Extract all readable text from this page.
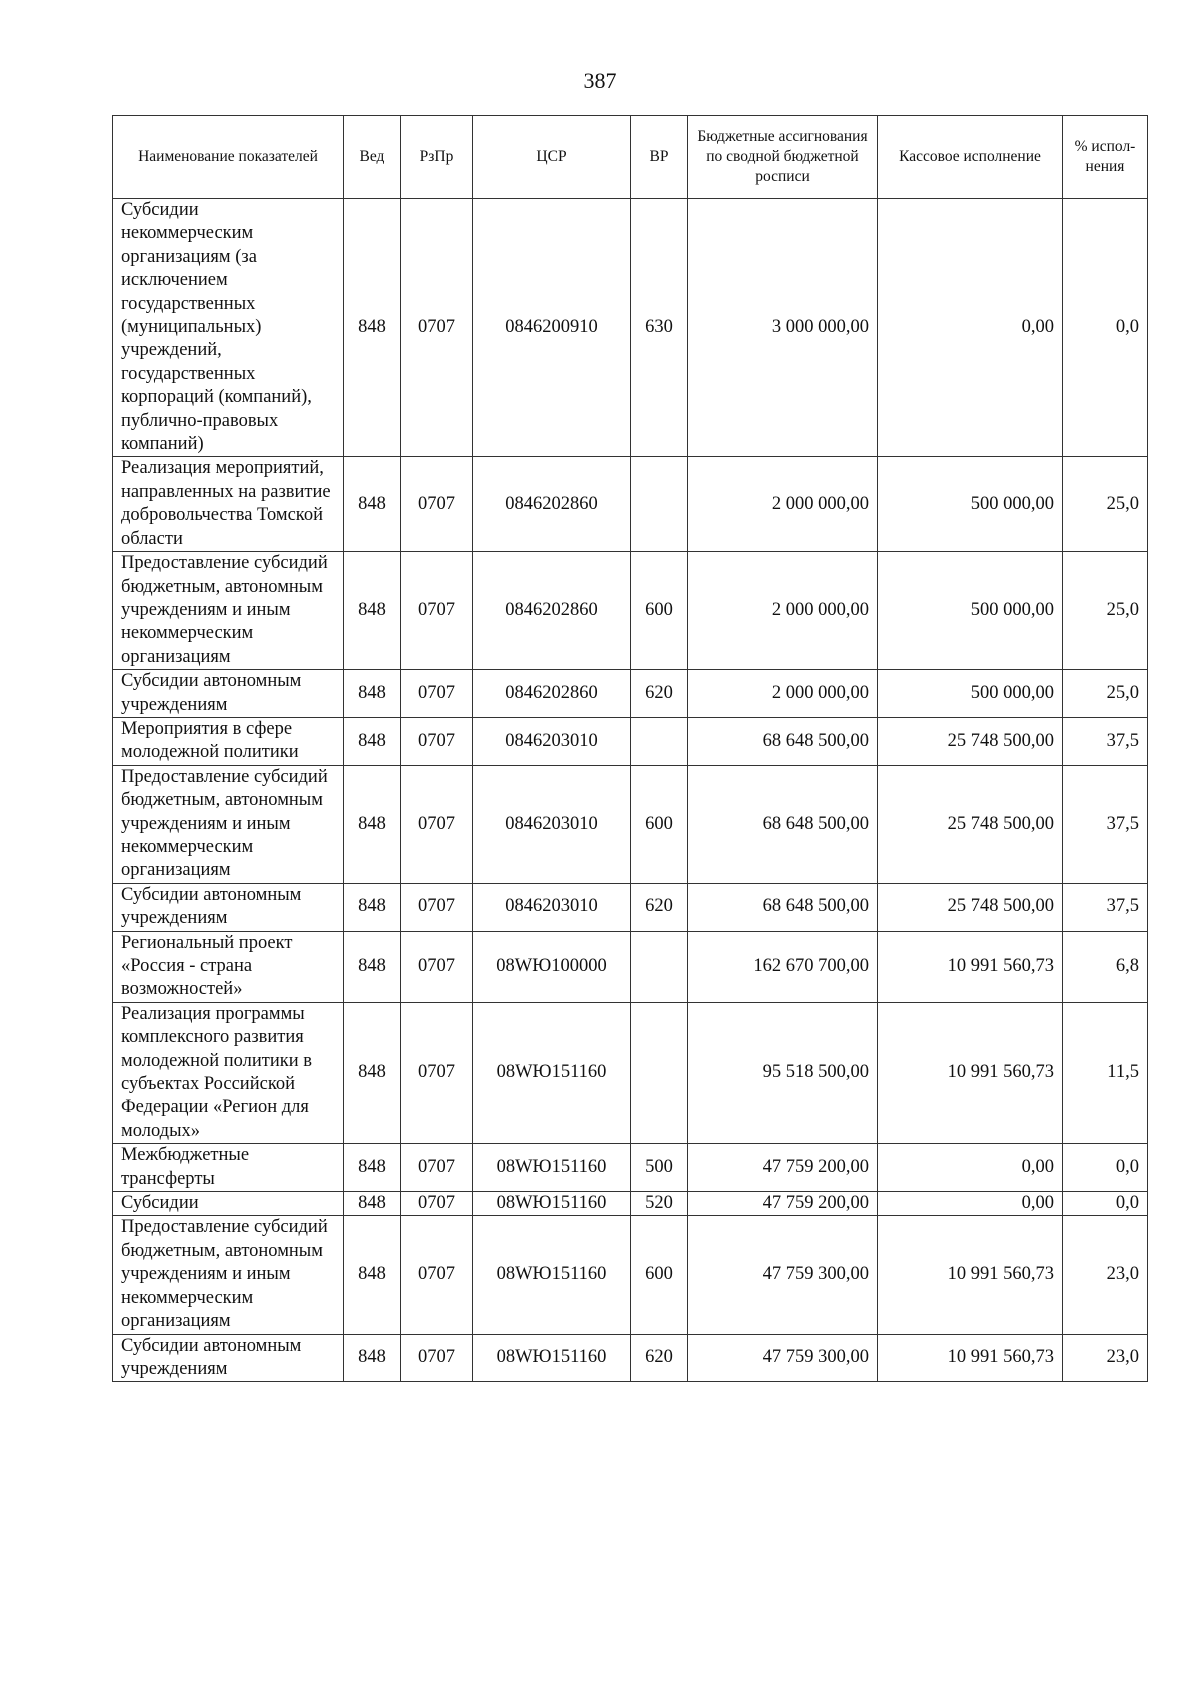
387
Наименование показателей	Вед	РзПр	ЦСР	ВР	Бюджетные ассигнования по сводной бюджетной росписи	Кассовое исполнение	% испол-нения
Субсидии некоммерческим организациям (за исключением государственных (муниципальных) учреждений, государственных корпораций (компаний), публично-правовых компаний)	848	0707	0846200910	630	3 000 000,00	0,00	0,0
Реализация мероприятий, направленных на развитие добровольчества Томской области	848	0707	0846202860		2 000 000,00	500 000,00	25,0
Предоставление субсидий бюджетным, автономным учреждениям и иным некоммерческим организациям	848	0707	0846202860	600	2 000 000,00	500 000,00	25,0
Субсидии автономным учреждениям	848	0707	0846202860	620	2 000 000,00	500 000,00	25,0
Мероприятия в сфере молодежной политики	848	0707	0846203010		68 648 500,00	25 748 500,00	37,5
Предоставление субсидий бюджетным, автономным учреждениям и иным некоммерческим организациям	848	0707	0846203010	600	68 648 500,00	25 748 500,00	37,5
Субсидии автономным учреждениям	848	0707	0846203010	620	68 648 500,00	25 748 500,00	37,5
Региональный проект «Россия - страна возможностей»	848	0707	08WЮ100000		162 670 700,00	10 991 560,73	6,8
Реализация программы комплексного развития молодежной политики в субъектах Российской Федерации «Регион для молодых»	848	0707	08WЮ151160		95 518 500,00	10 991 560,73	11,5
Межбюджетные трансферты	848	0707	08WЮ151160	500	47 759 200,00	0,00	0,0
Субсидии	848	0707	08WЮ151160	520	47 759 200,00	0,00	0,0
Предоставление субсидий бюджетным, автономным учреждениям и иным некоммерческим организациям	848	0707	08WЮ151160	600	47 759 300,00	10 991 560,73	23,0
Субсидии автономным учреждениям	848	0707	08WЮ151160	620	47 759 300,00	10 991 560,73	23,0
